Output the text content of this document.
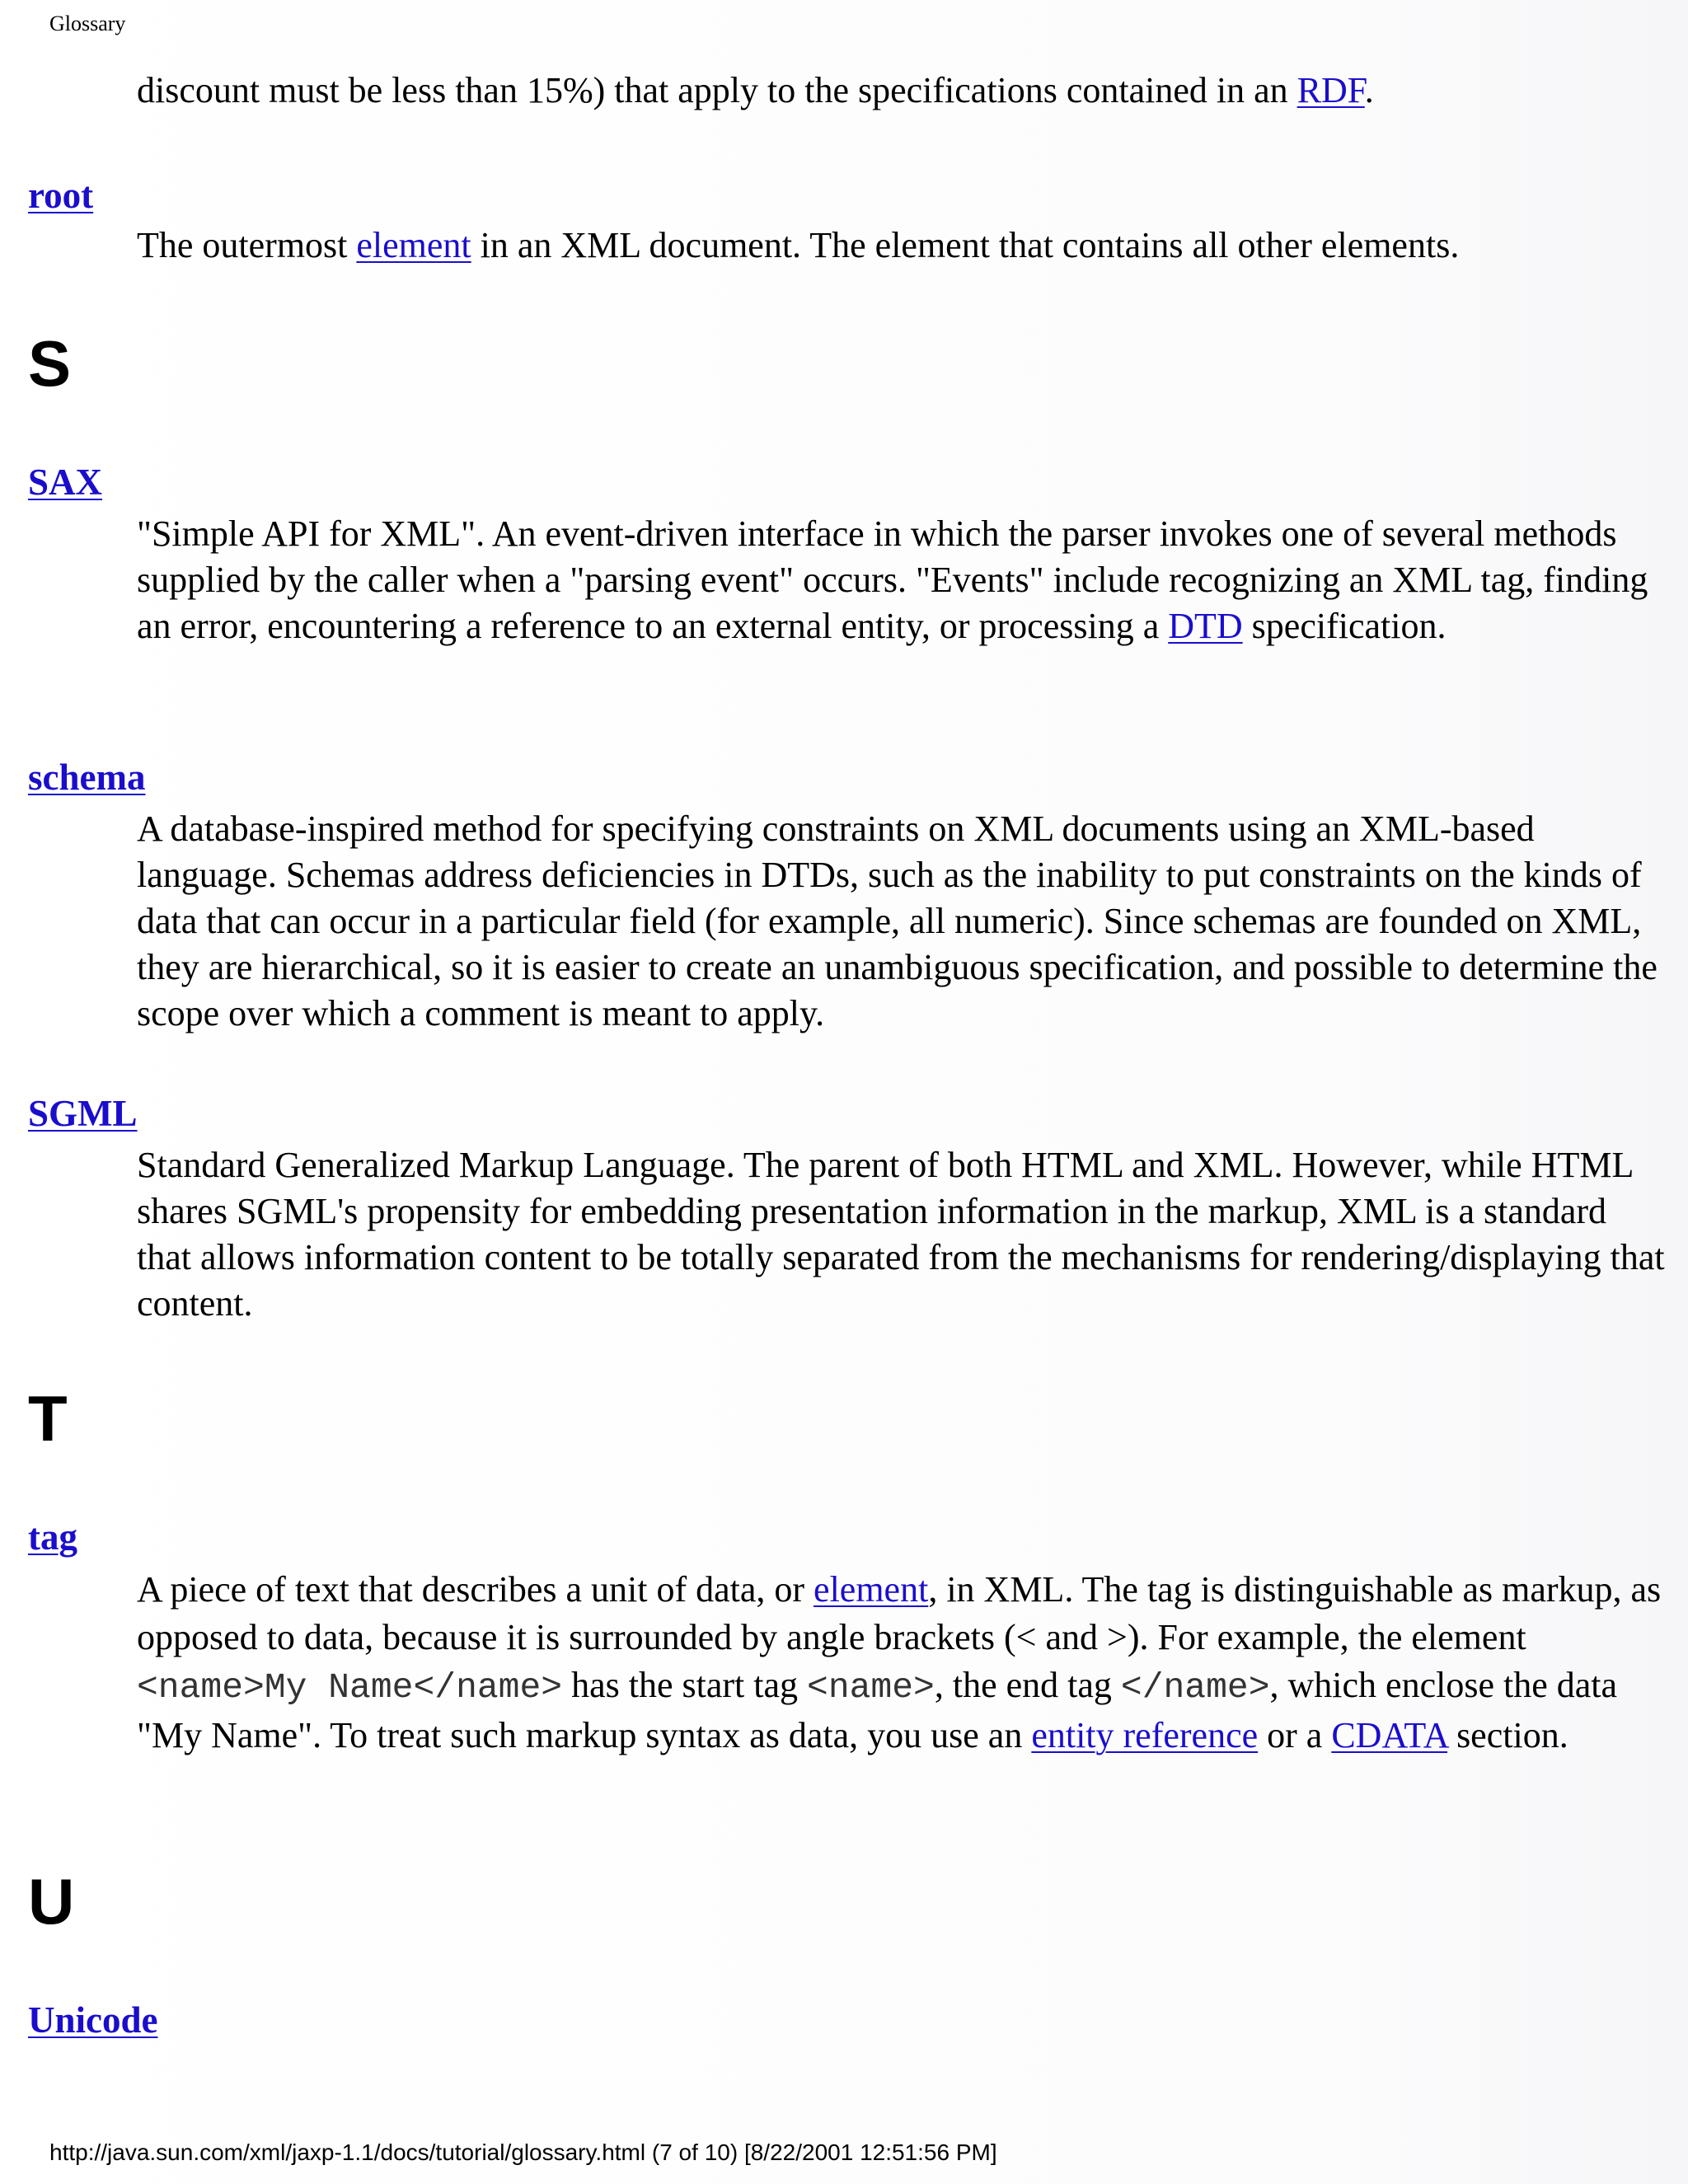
Glossary
discount must be less than 15%) that apply to the specifications contained in an RDF.
root
The outermost element in an XML document. The element that contains all other elements.
S
SAX
"Simple API for XML". An event-driven interface in which the parser invokes one of several methods supplied by the caller when a "parsing event" occurs. "Events" include recognizing an XML tag, finding an error, encountering a reference to an external entity, or processing a DTD specification.
schema
A database-inspired method for specifying constraints on XML documents using an XML-based language. Schemas address deficiencies in DTDs, such as the inability to put constraints on the kinds of data that can occur in a particular field (for example, all numeric). Since schemas are founded on XML, they are hierarchical, so it is easier to create an unambiguous specification, and possible to determine the scope over which a comment is meant to apply.
SGML
Standard Generalized Markup Language. The parent of both HTML and XML. However, while HTML shares SGML's propensity for embedding presentation information in the markup, XML is a standard that allows information content to be totally separated from the mechanisms for rendering/displaying that content.
T
tag
A piece of text that describes a unit of data, or element, in XML. The tag is distinguishable as markup, as opposed to data, because it is surrounded by angle brackets (< and >). For example, the element <name>My Name</name> has the start tag <name>, the end tag </name>, which enclose the data "My Name". To treat such markup syntax as data, you use an entity reference or a CDATA section.
U
Unicode
http://java.sun.com/xml/jaxp-1.1/docs/tutorial/glossary.html (7 of 10) [8/22/2001 12:51:56 PM]
